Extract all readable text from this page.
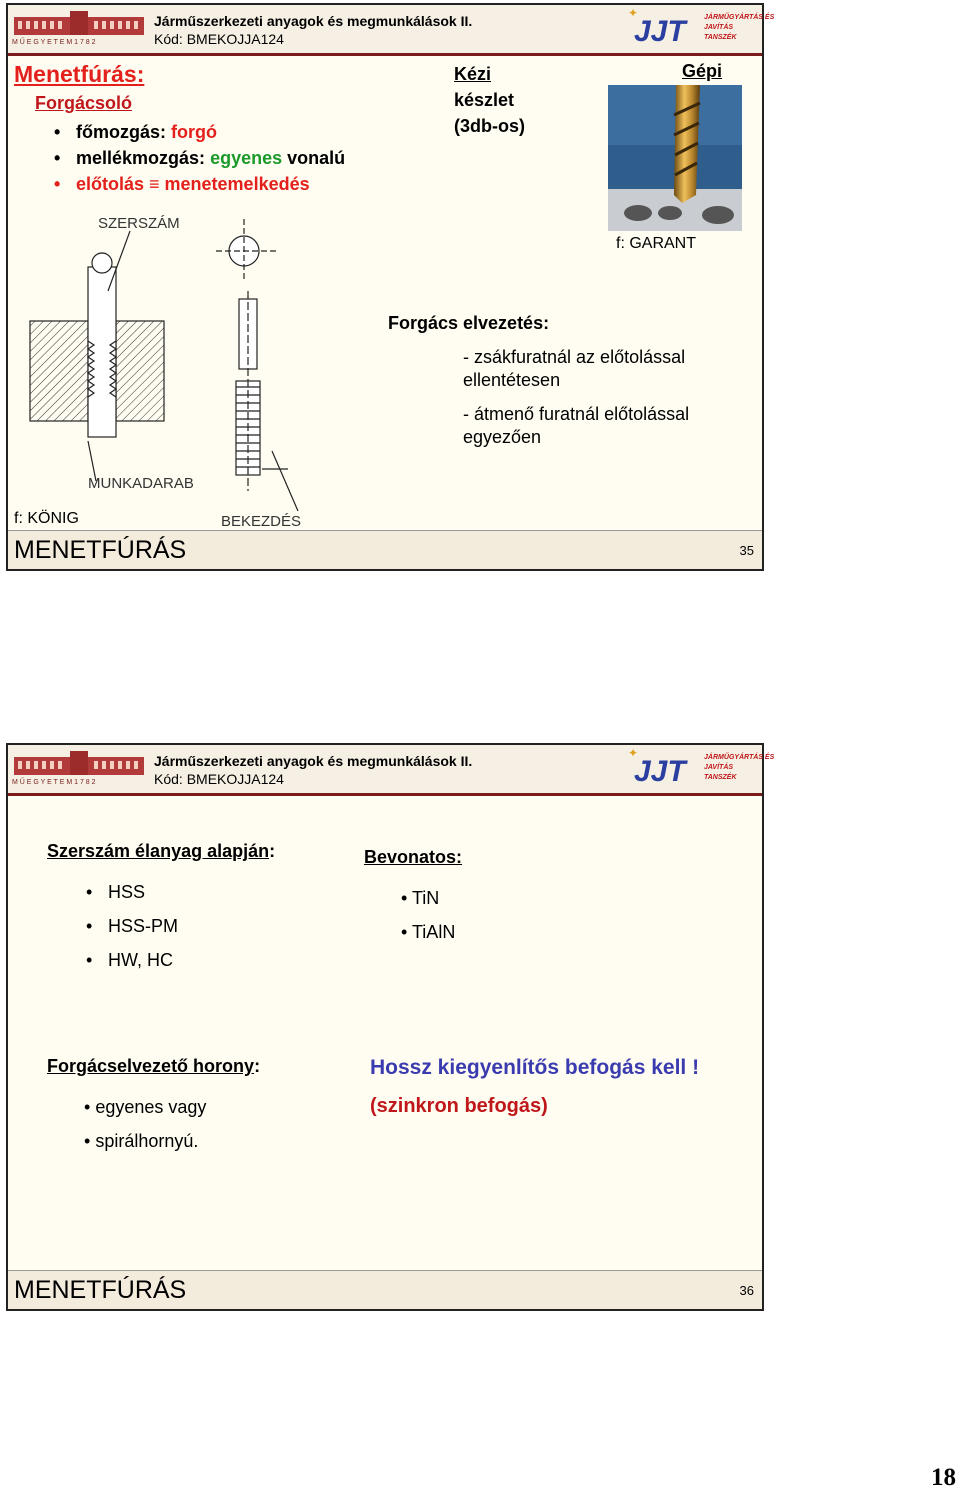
M Ű E G Y E T E M 1 7 8 2
Járműszerkezeti anyagok és megmunkálások II.
Kód: BMEKOJJA124
✦
JJT	JÁRMŰGYÁRTÁS ÉS
JAVÍTÁS
TANSZÉK
Menetfúrás:
Forgácsoló
• főmozgás: forgó
• mellékmozgás: egyenes vonalú
• előtolás ≡ menetemelkedés
Kézi
készlet
(3db-os)
Gépi
f: GARANT
SZERSZÁM
MUNKADARAB
BEKEZDÉS
f: KÖNIG
Forgács elvezetés:
- zsákfuratnál az előtolással
ellentétesen
- átmenő furatnál előtolással
egyezően
MENETFÚRÁS	35
M Ű E G Y E T E M 1 7 8 2
Járműszerkezeti anyagok és megmunkálások II.
Kód: BMEKOJJA124
✦
JJT	JÁRMŰGYÁRTÁS ÉS
JAVÍTÁS
TANSZÉK
Szerszám élanyag alapján:
• HSS
• HSS-PM
• HW, HC
Bevonatos:
• TiN
• TiAlN
Forgácselvezető horony:
• egyenes vagy
• spirálhornyú.
Hossz kiegyenlítős befogás kell !
(szinkron befogás)
MENETFÚRÁS	36
18
